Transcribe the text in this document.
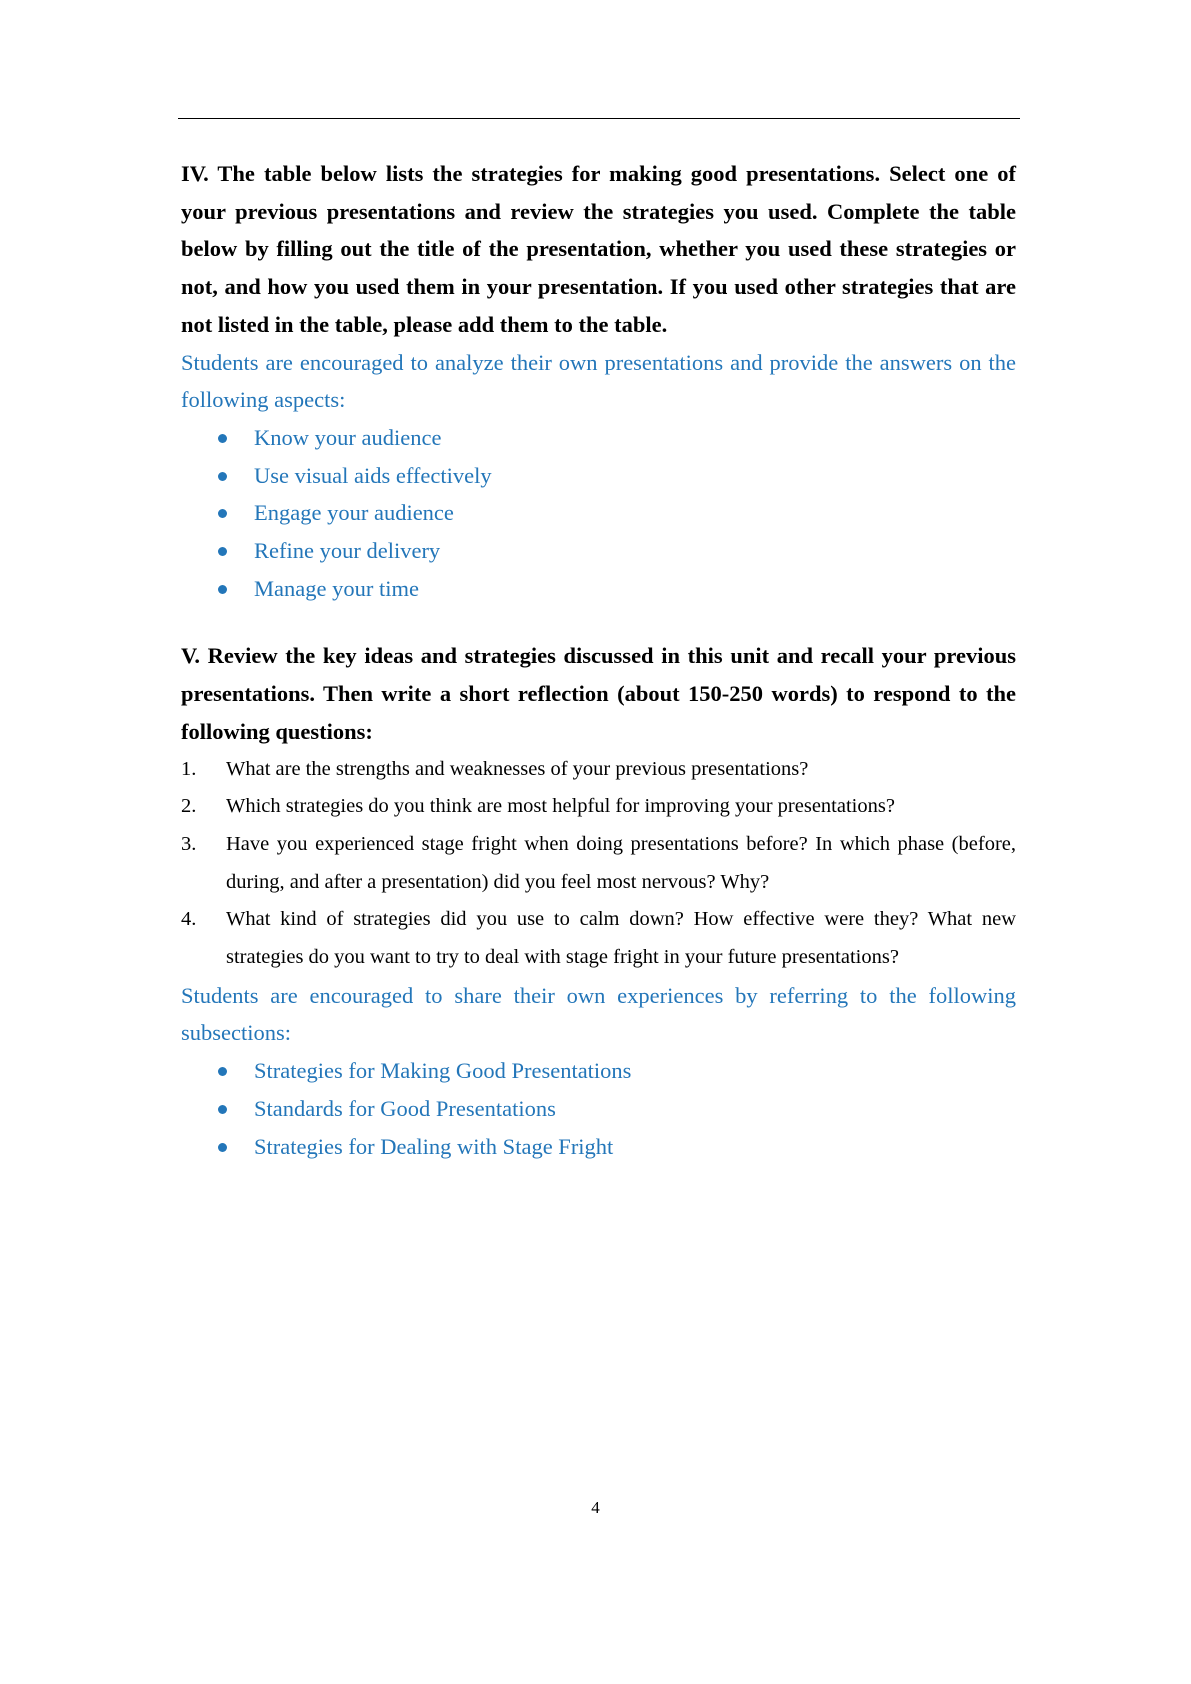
IV. The table below lists the strategies for making good presentations. Select one of your previous presentations and review the strategies you used. Complete the table below by filling out the title of the presentation, whether you used these strategies or not, and how you used them in your presentation. If you used other strategies that are not listed in the table, please add them to the table.

Students are encouraged to analyze their own presentations and provide the answers on the following aspects:

Know your audience
Use visual aids effectively
Engage your audience
Refine your delivery
Manage your time

V. Review the key ideas and strategies discussed in this unit and recall your previous presentations. Then write a short reflection (about 150-250 words) to respond to the following questions:

1. What are the strengths and weaknesses of your previous presentations?
2. Which strategies do you think are most helpful for improving your presentations?
3. Have you experienced stage fright when doing presentations before? In which phase (before, during, and after a presentation) did you feel most nervous? Why?
4. What kind of strategies did you use to calm down? How effective were they? What new strategies do you want to try to deal with stage fright in your future presentations?

Students are encouraged to share their own experiences by referring to the following subsections:

Strategies for Making Good Presentations
Standards for Good Presentations
Strategies for Dealing with Stage Fright
4
